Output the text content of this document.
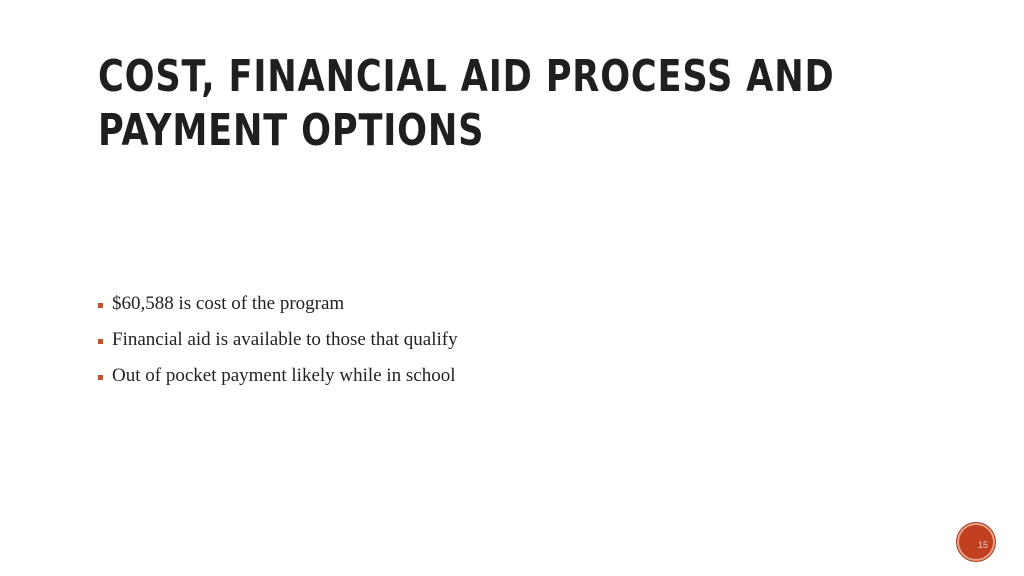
COST, FINANCIAL AID PROCESS AND
PAYMENT OPTIONS
$60,588 is cost of the program
Financial aid is available to those that qualify
Out of pocket payment likely while in school
15
